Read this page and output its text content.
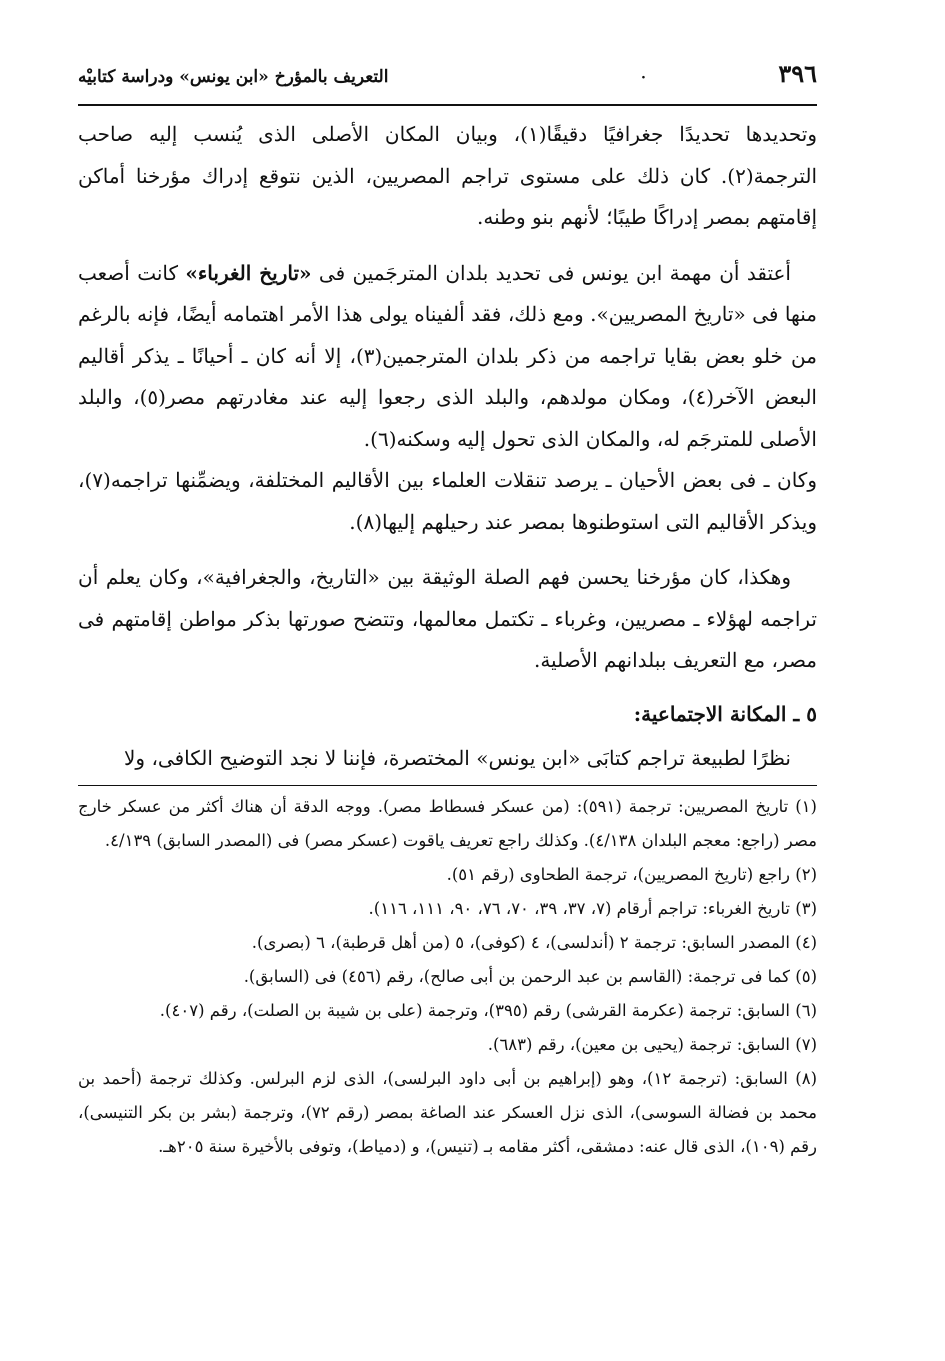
٣٩٦
·
التعريف بالمؤرخ «ابن يونس» ودراسة كتابيْه

وتحديدها تحديدًا جغرافيًا دقيقًا(١)، وبيان المكان الأصلى الذى يُنسب إليه صاحب الترجمة(٢). كان ذلك على مستوى تراجم المصريين، الذين نتوقع إدراك مؤرخنا أماكن إقامتهم بمصر إدراكًا طيبًا؛ لأنهم بنو وطنه.

أعتقد أن مهمة ابن يونس فى تحديد بلدان المترجَمين فى «تاريخ الغرباء» كانت أصعب منها فى «تاريخ المصريين». ومع ذلك، فقد ألفيناه يولى هذا الأمر اهتمامه أيضًا، فإنه بالرغم من خلو بعض بقايا تراجمه من ذكر بلدان المترجمين(٣)، إلا أنه كان ـ أحيانًا ـ يذكر أقاليم البعض الآخر(٤)، ومكان مولدهم، والبلد الذى رجعوا إليه عند مغادرتهم مصر(٥)، والبلد الأصلى للمترجَم له، والمكان الذى تحول إليه وسكنه(٦).

وكان ـ فى بعض الأحيان ـ يرصد تنقلات العلماء بين الأقاليم المختلفة، ويضمِّنها تراجمه(٧)، ويذكر الأقاليم التى استوطنوها بمصر عند رحيلهم إليها(٨).

وهكذا، كان مؤرخنا يحسن فهم الصلة الوثيقة بين «التاريخ، والجغرافية»، وكان يعلم أن تراجمه لهؤلاء ـ مصريين، وغرباء ـ تكتمل معالمها، وتتضح صورتها بذكر مواطن إقامتهم فى مصر، مع التعريف ببلدانهم الأصلية.

٥ ـ المكانة الاجتماعية:

نظرًا لطبيعة تراجم كتابَى «ابن يونس» المختصرة، فإننا لا نجد التوضيح الكافى، ولا

(١) تاريخ المصريين: ترجمة (٥٩١): (من عسكر فسطاط مصر). ووجه الدقة أن هناك أكثر من عسكر خارج مصر (راجع: معجم البلدان ٤/١٣٨). وكذلك راجع تعريف ياقوت (عسكر مصر) فى (المصدر السابق) ٤/١٣٩.

(٢) راجع (تاريخ المصريين)، ترجمة الطحاوى (رقم ٥١).

(٣) تاريخ الغرباء: تراجم أرقام (٧، ٣٧، ٣٩، ٧٠، ٧٦، ٩٠، ١١١، ١١٦).

(٤) المصدر السابق: ترجمة ٢ (أندلسى)، ٤ (كوفى)، ٥ (من أهل قرطبة)، ٦ (بصرى).

(٥) كما فى ترجمة: (القاسم بن عبد الرحمن بن أبى صالح)، رقم (٤٥٦) فى (السابق).

(٦) السابق: ترجمة (عكرمة القرشى) رقم (٣٩٥)، وترجمة (على بن شيبة بن الصلت)، رقم (٤٠٧).

(٧) السابق: ترجمة (يحيى بن معين)، رقم (٦٨٣).

(٨) السابق: (ترجمة ١٢)، وهو (إبراهيم بن أبى داود البرلسى)، الذى لزم البرلس. وكذلك ترجمة (أحمد بن محمد بن فضالة السوسى)، الذى نزل العسكر عند الصاغة بمصر (رقم ٧٢)، وترجمة (بشر بن بكر التنيسى)، رقم (١٠٩)، الذى قال عنه: دمشقى، أكثر مقامه بـ (تنيس)، و (دمياط)، وتوفى بالأخيرة سنة ٢٠٥هـ.
